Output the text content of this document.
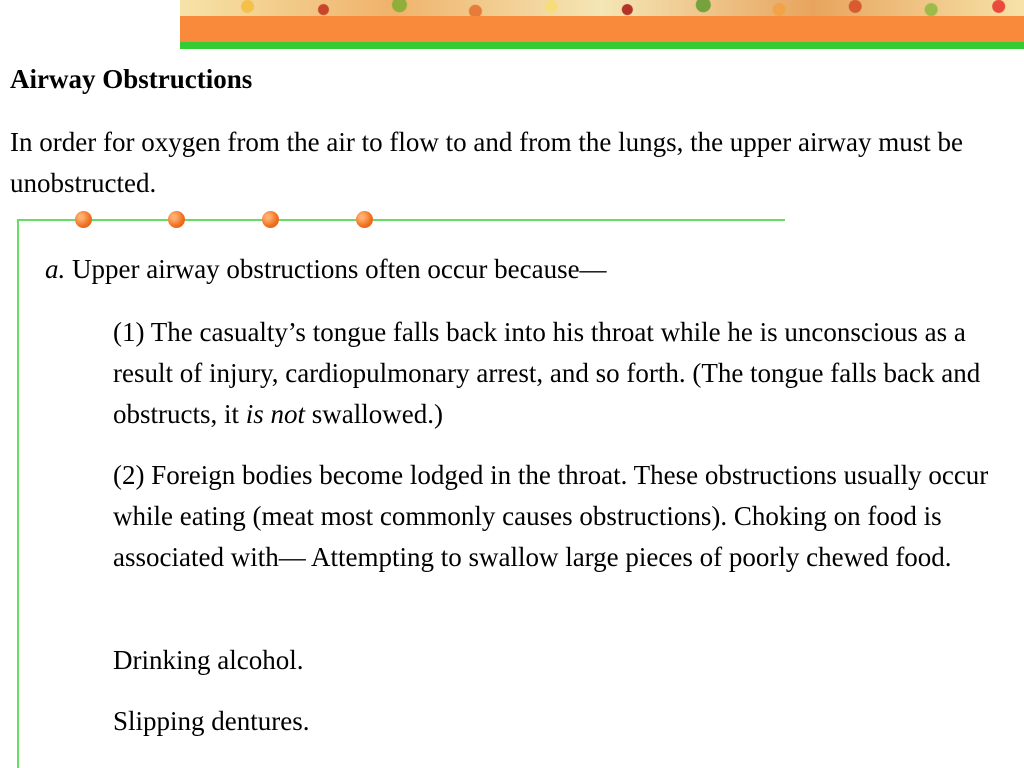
Airway Obstructions

In order for oxygen from the air to flow to and from the lungs, the upper airway must be unobstructed.

a. Upper airway obstructions often occur because—

(1) The casualty’s tongue falls back into his throat while he is unconscious as a result of injury, cardiopulmonary arrest, and so forth. (The tongue falls back and obstructs, it is not swallowed.)

(2) Foreign bodies become lodged in the throat. These obstructions usually occur while eating (meat most commonly causes obstructions). Choking on food is associated with— Attempting to swallow large pieces of poorly chewed food.

Drinking alcohol.

Slipping dentures.
